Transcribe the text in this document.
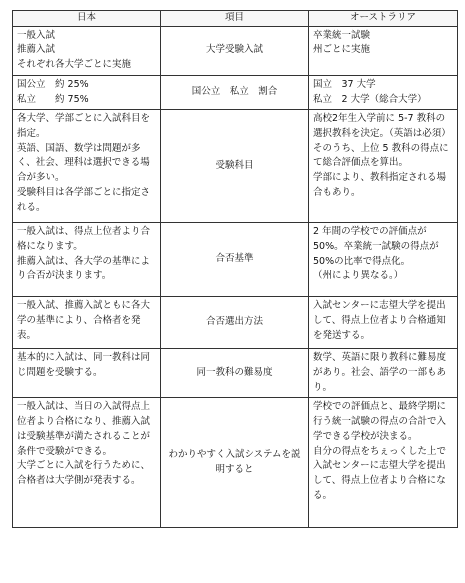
日本	項目	オーストラリア

一般入試
推薦入試
それぞれ各大学ごとに実施	大学受験入試	卒業統一試験
州ごとに実施

国公立　約 25%
私立　　約 75%	国公立　私立　割合	国立　37 大学
私立　2 大学（総合大学）

各大学、学部ごとに入試科目を指定。
英語、国語、数学は問題が多く、社会、理科は選択できる場合が多い。
受験科目は各学部ごとに指定される。	受験科目	高校2年生入学前に 5-7 教科の選択教科を決定。（英語は必須）
そのうち、上位 5 教科の得点にて総合評価点を算出。
学部により、教科指定される場合もあり。

一般入試は、得点上位者より合格になります。
推薦入試は、各大学の基準により合否が決まります。	合否基準	2 年間の学校での評価点が 50%。卒業統一試験の得点が 50%の比率で得点化。
（州により異なる。）

一般入試、推薦入試ともに各大学の基準により、合格者を発表。	合否選出方法	入試センターに志望大学を提出して、得点上位者より合格通知を発送する。

基本的に入試は、同一教科は同じ問題を受験する。	同一教科の難易度	数学、英語に限り教科に難易度があり。社会、語学の一部もあり。

一般入試は、当日の入試得点上位者より合格になり、推薦入試は受験基準が満たされることが条件で受験ができる。
大学ごとに入試を行うために、合格者は大学側が発表する。	わかりやすく入試システムを説明すると	学校での評価点と、最終学期に行う統一試験の得点の合計で入学できる学校が決まる。
自分の得点をちぇっくした上で入試センターに志望大学を提出して、得点上位者より合格になる。
